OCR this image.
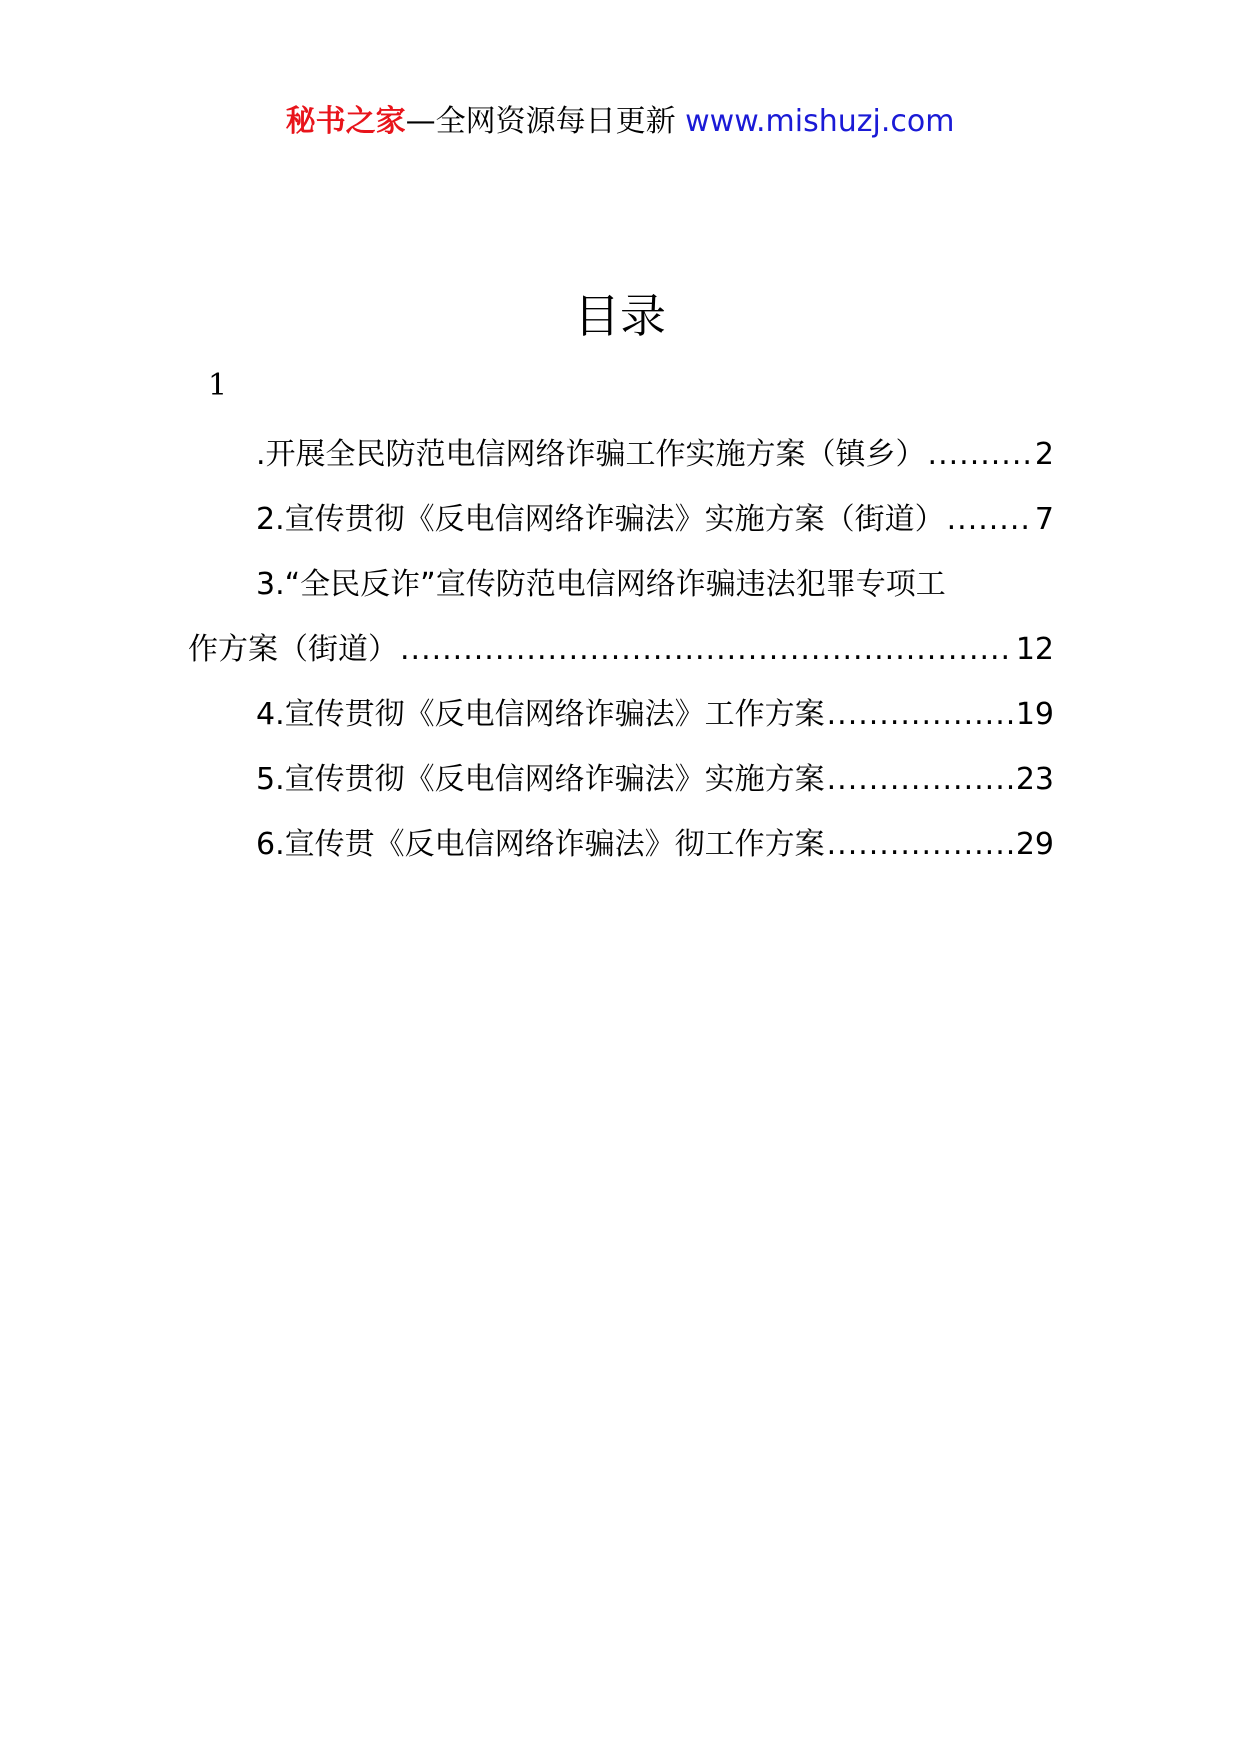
秘书之家—全网资源每日更新 www.mishuzj.com
目录
1
.开展全民防范电信网络诈骗工作实施方案（镇乡） .....	2
2.宣传贯彻《反电信网络诈骗法》实施方案（街道） .....	7
3.“全民反诈”宣传防范电信网络诈骗违法犯罪专项工
作方案（街道） .....	12
4.宣传贯彻《反电信网络诈骗法》工作方案 .....	19
5.宣传贯彻《反电信网络诈骗法》实施方案 .....	23
6.宣传贯《反电信网络诈骗法》彻工作方案 .....	29
